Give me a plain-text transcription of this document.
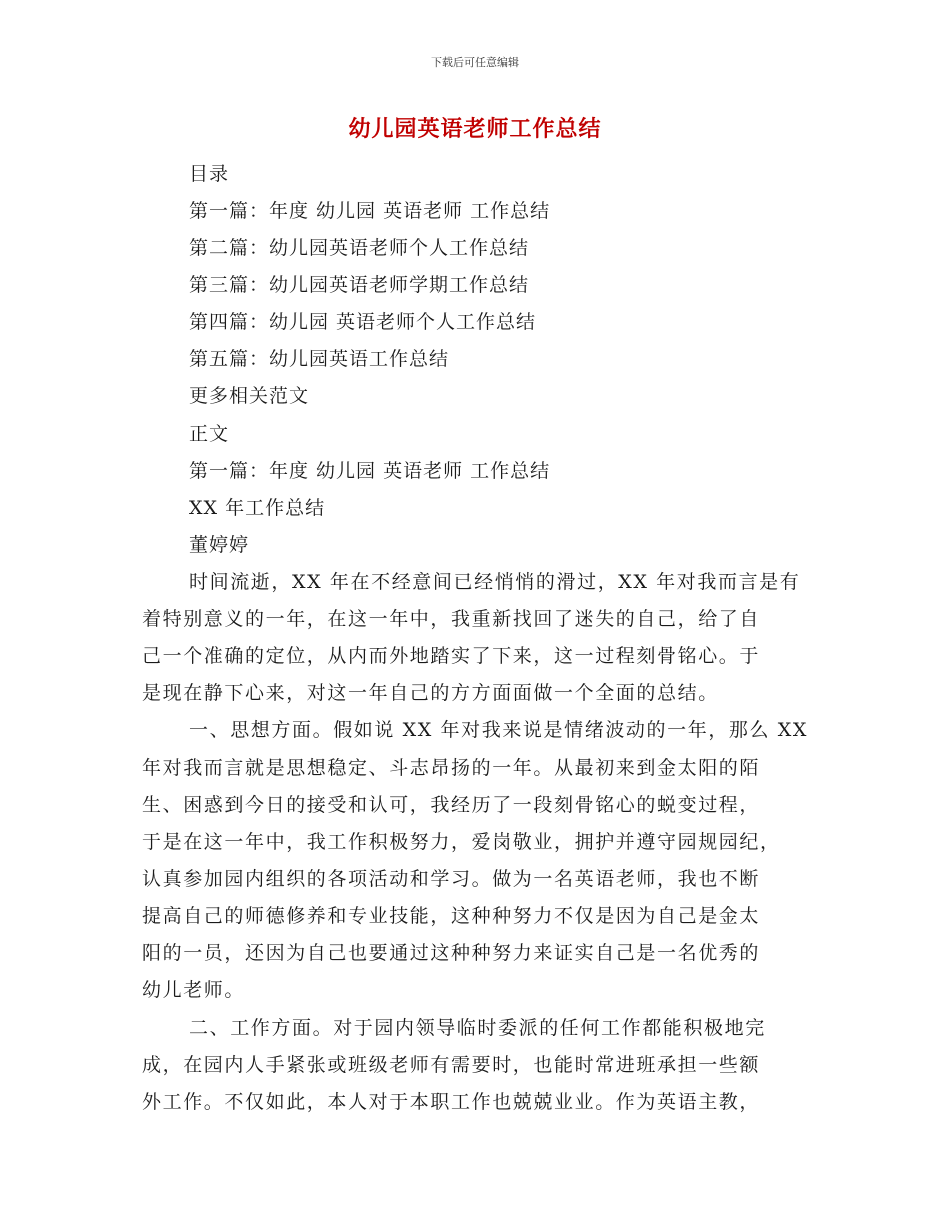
下载后可任意编辑
幼儿园英语老师工作总结
目录
第一篇：年度 幼儿园 英语老师 工作总结
第二篇：幼儿园英语老师个人工作总结
第三篇：幼儿园英语老师学期工作总结
第四篇：幼儿园 英语老师个人工作总结
第五篇：幼儿园英语工作总结
更多相关范文
正文
第一篇：年度 幼儿园 英语老师 工作总结
XX 年工作总结
董婷婷
时间流逝，XX 年在不经意间已经悄悄的滑过，XX 年对我而言是有
着特别意义的一年，在这一年中，我重新找回了迷失的自己，给了自
己一个准确的定位，从内而外地踏实了下来，这一过程刻骨铭心。于
是现在静下心来，对这一年自己的方方面面做一个全面的总结。
一、思想方面。假如说 XX 年对我来说是情绪波动的一年，那么 XX
年对我而言就是思想稳定、斗志昂扬的一年。从最初来到金太阳的陌
生、困惑到今日的接受和认可，我经历了一段刻骨铭心的蜕变过程，
于是在这一年中，我工作积极努力，爱岗敬业，拥护并遵守园规园纪，
认真参加园内组织的各项活动和学习。做为一名英语老师，我也不断
提高自己的师德修养和专业技能，这种种努力不仅是因为自己是金太
阳的一员，还因为自己也要通过这种种努力来证实自己是一名优秀的
幼儿老师。
二、工作方面。对于园内领导临时委派的任何工作都能积极地完
成，在园内人手紧张或班级老师有需要时，也能时常进班承担一些额
外工作。不仅如此，本人对于本职工作也兢兢业业。作为英语主教，
